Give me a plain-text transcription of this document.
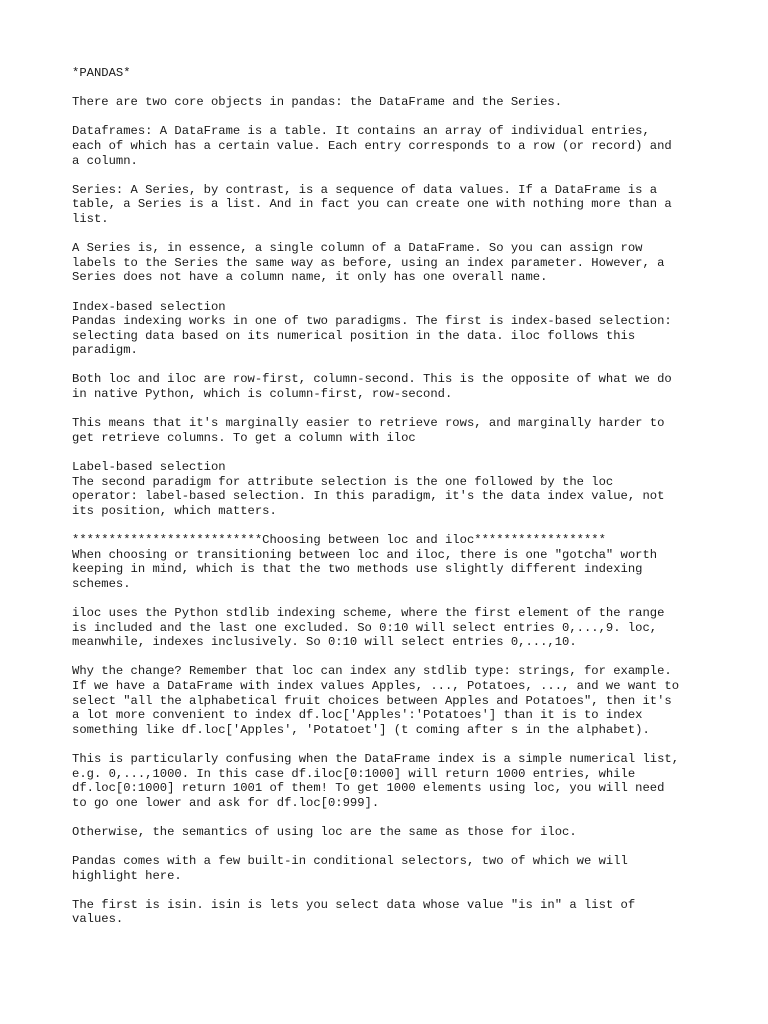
*PANDAS*
There are two core objects in pandas: the DataFrame and the Series.
Dataframes: A DataFrame is a table. It contains an array of individual entries,
each of which has a certain value. Each entry corresponds to a row (or record) and
a column.
Series: A Series, by contrast, is a sequence of data values. If a DataFrame is a
table, a Series is a list. And in fact you can create one with nothing more than a
list.
A Series is, in essence, a single column of a DataFrame. So you can assign row
labels to the Series the same way as before, using an index parameter. However, a
Series does not have a column name, it only has one overall name.
Index-based selection
Pandas indexing works in one of two paradigms. The first is index-based selection:
selecting data based on its numerical position in the data. iloc follows this
paradigm.
Both loc and iloc are row-first, column-second. This is the opposite of what we do
in native Python, which is column-first, row-second.
This means that it's marginally easier to retrieve rows, and marginally harder to
get retrieve columns. To get a column with iloc
Label-based selection
The second paradigm for attribute selection is the one followed by the loc
operator: label-based selection. In this paradigm, it's the data index value, not
its position, which matters.
**************************Choosing between loc and iloc******************
When choosing or transitioning between loc and iloc, there is one "gotcha" worth
keeping in mind, which is that the two methods use slightly different indexing
schemes.
iloc uses the Python stdlib indexing scheme, where the first element of the range
is included and the last one excluded. So 0:10 will select entries 0,...,9. loc,
meanwhile, indexes inclusively. So 0:10 will select entries 0,...,10.
Why the change? Remember that loc can index any stdlib type: strings, for example.
If we have a DataFrame with index values Apples, ..., Potatoes, ..., and we want to
select "all the alphabetical fruit choices between Apples and Potatoes", then it's
a lot more convenient to index df.loc['Apples':'Potatoes'] than it is to index
something like df.loc['Apples', 'Potatoet'] (t coming after s in the alphabet).
This is particularly confusing when the DataFrame index is a simple numerical list,
e.g. 0,...,1000. In this case df.iloc[0:1000] will return 1000 entries, while
df.loc[0:1000] return 1001 of them! To get 1000 elements using loc, you will need
to go one lower and ask for df.loc[0:999].
Otherwise, the semantics of using loc are the same as those for iloc.
Pandas comes with a few built-in conditional selectors, two of which we will
highlight here.
The first is isin. isin is lets you select data whose value "is in" a list of
values.
